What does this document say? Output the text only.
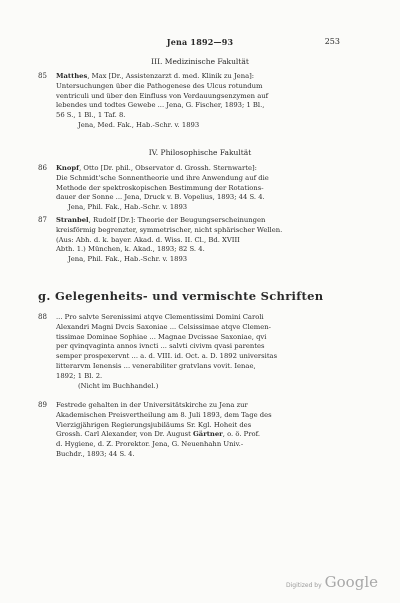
Jena 1892—93	253
III. Medizinische Fakultät
85 Matthes, Max [Dr., Assistenzarzt d. med. Klinik zu Jena]:
Untersuchungen über die Pathogenese des Ulcus rotundum
ventriculi und über den Einfluss von Verdauungsenzymen auf
lebendes und todtes Gewebe ... Jena, G. Fischer, 1893; 1 Bl.,
56 S., 1 Bl., 1 Taf. 8.
Jena, Med. Fak., Hab.-Schr. v. 1893
IV. Philosophische Fakultät
86 Knopf, Otto [Dr. phil., Observator d. Grossh. Sternwarte]:
Die Schmidt'sche Sonnentheorie und ihre Anwendung auf die
Methode der spektroskopischen Bestimmung der Rotations-
dauer der Sonne ... Jena, Druck v. B. Vopelius, 1893; 44 S. 4.
Jena, Phil. Fak., Hab.-Schr. v. 1893
87 Stranbel, Rudolf [Dr.]: Theorie der Beugungserscheinungen
kreisförmig begrenzter, symmetrischer, nicht sphärischer Wellen.
(Aus: Abh. d. k. bayer. Akad. d. Wiss. II. Cl., Bd. XVIII
Abth. 1.) München, k. Akad., 1893; 82 S. 4.
Jena, Phil. Fak., Hab.-Schr. v. 1893
g. Gelegenheits- und vermischte Schriften
88 ... Pro salvte Serenissimi atqve Clementissimi Domini Caroli
Alexandri Magni Dvcis Saxoniae ... Celsissimae atqve Clemen-
tissimae Dominae Sophiae ... Magnae Dvcissae Saxoniae, qvi
per qvinqvaginta annos ivncti ... salvti civivm qvasi parentes
semper prospexervnt ... a. d. VIII. id. Oct. a. D. 1892 universitas
litterarvm Ienensis ... venerabiliter gratvlans vovit. Ienae,
1892; 1 Bl. 2.
(Nicht im Buchhandel.)
89 Festrede gehalten in der Universitätskirche zu Jena zur
Akademischen Preisvertheilung am 8. Juli 1893, dem Tage des
Vierzigjährigen Regierungsjubiläums Sr. Kgl. Hoheit des
Grossh. Carl Alexander, von Dr. August Gärtner, o. ö. Prof.
d. Hygiene, d. Z. Prorektor. Jena, G. Neuenhahn Univ.-
Buchdr., 1893; 44 S. 4.
Digitized by Google
